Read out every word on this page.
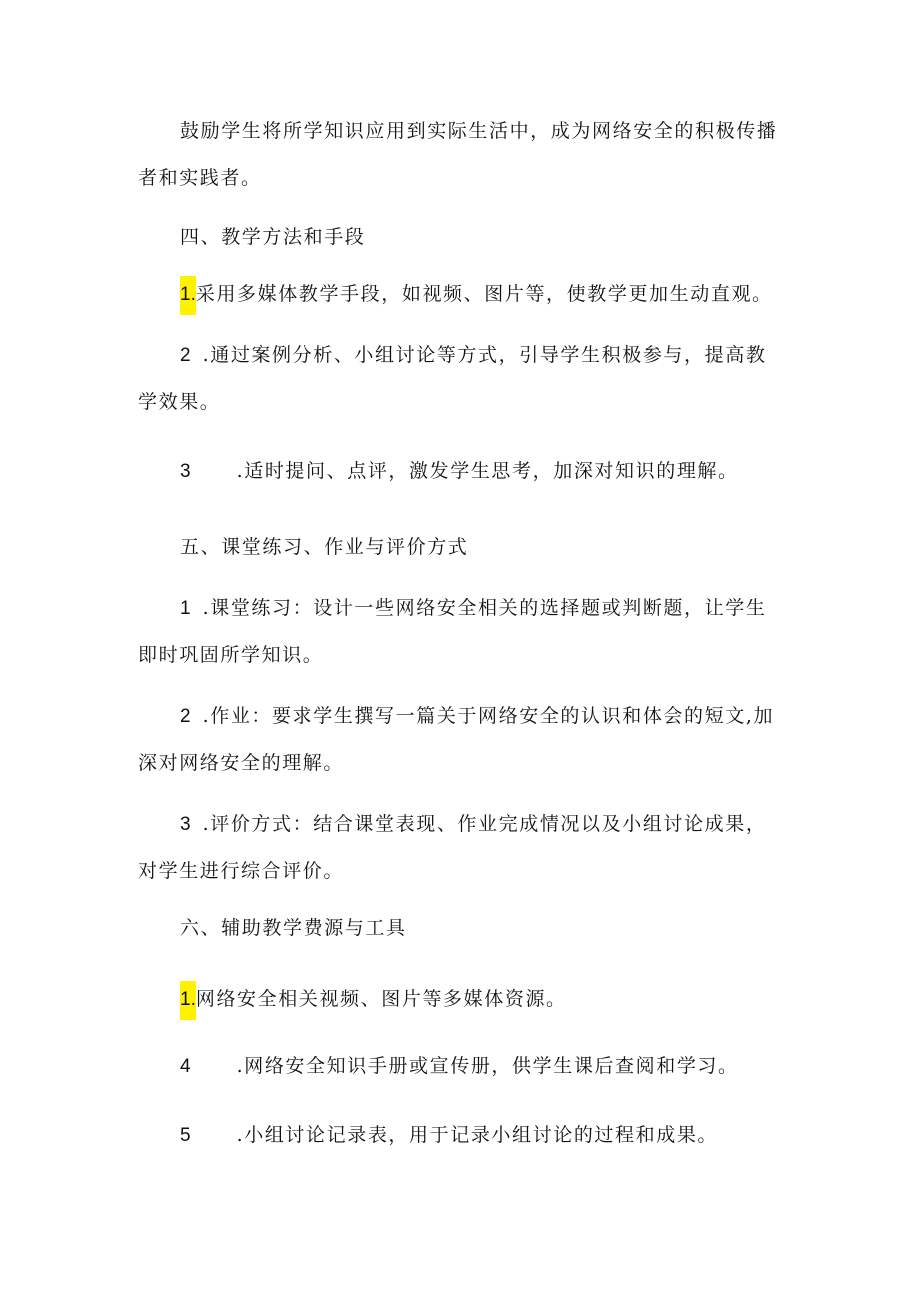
鼓励学生将所学知识应用到实际生活中，成为网络安全的积极传播者和实践者。

四、教学方法和手段

1.采用多媒体教学手段，如视频、图片等，使教学更加生动直观。

2 .通过案例分析、小组讨论等方式，引导学生积极参与，提高教学效果。

3 .适时提问、点评，激发学生思考，加深对知识的理解。

五、课堂练习、作业与评价方式

1 .课堂练习：设计一些网络安全相关的选择题或判断题，让学生即时巩固所学知识。

2 .作业：要求学生撰写一篇关于网络安全的认识和体会的短文,加深对网络安全的理解。

3 .评价方式：结合课堂表现、作业完成情况以及小组讨论成果，对学生进行综合评价。

六、辅助教学费源与工具

1.网络安全相关视频、图片等多媒体资源。

4 .网络安全知识手册或宣传册，供学生课后查阅和学习。

5 .小组讨论记录表，用于记录小组讨论的过程和成果。
